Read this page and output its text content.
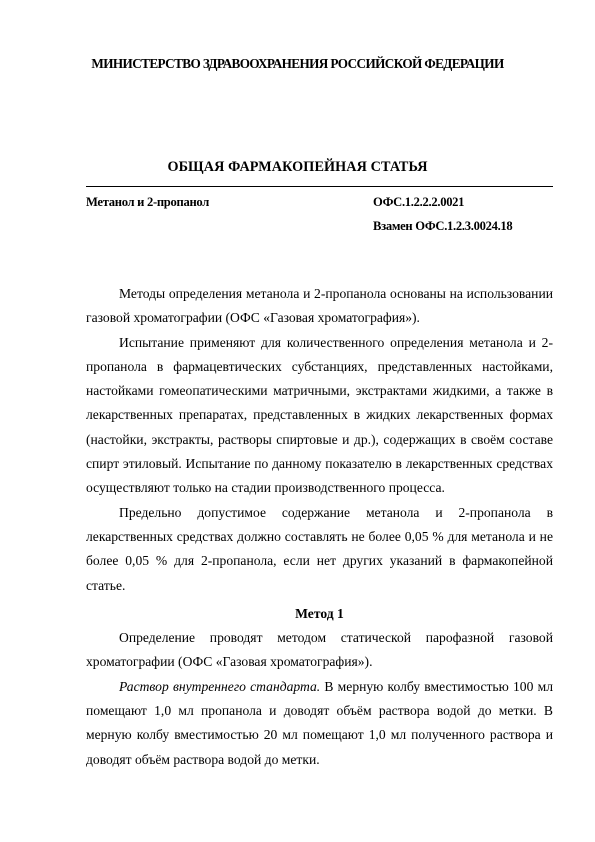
МИНИСТЕРСТВО ЗДРАВООХРАНЕНИЯ РОССИЙСКОЙ ФЕДЕРАЦИИ
ОБЩАЯ ФАРМАКОПЕЙНАЯ СТАТЬЯ
Метанол и 2-пропанол	ОФС.1.2.2.2.0021
Взамен ОФС.1.2.3.0024.18

Методы определения метанола и 2-пропанола основаны на использовании газовой хроматографии (ОФС «Газовая хроматография»).

Испытание применяют для количественного определения метанола и 2-пропанола в фармацевтических субстанциях, представленных настойками, настойками гомеопатическими матричными, экстрактами жидкими, а также в лекарственных препаратах, представленных в жидких лекарственных формах (настойки, экстракты, растворы спиртовые и др.), содержащих в своём составе спирт этиловый. Испытание по данному показателю в лекарственных средствах осуществляют только на стадии производственного процесса.

Предельно допустимое содержание метанола и 2-пропанола в лекарственных средствах должно составлять не более 0,05 % для метанола и не более 0,05 % для 2-пропанола, если нет других указаний в фармакопейной статье.

Метод 1

Определение проводят методом статической парофазной газовой хроматографии (ОФС «Газовая хроматография»).

Раствор внутреннего стандарта. В мерную колбу вместимостью 100 мл помещают 1,0 мл пропанола и доводят объём раствора водой до метки. В мерную колбу вместимостью 20 мл помещают 1,0 мл полученного раствора и доводят объём раствора водой до метки.
